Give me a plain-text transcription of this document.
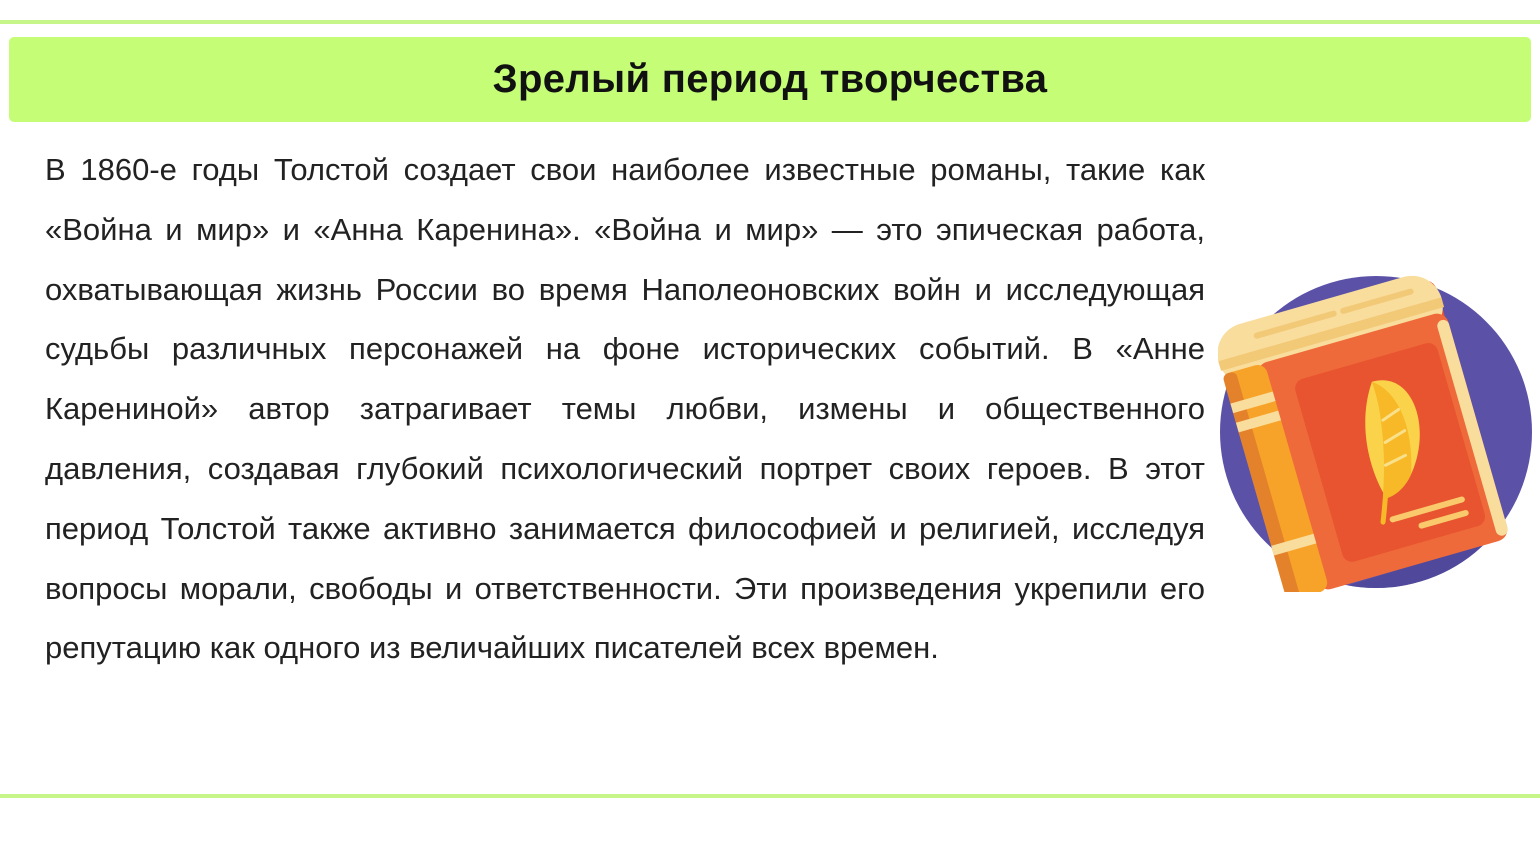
Зрелый период творчества

В 1860-е годы Толстой создает свои наиболее известные романы, такие как «Война и мир» и «Анна Каренина». «Война и мир» — это эпическая работа, охватывающая жизнь России во время Наполеоновских войн и исследующая судьбы различных персонажей на фоне исторических событий. В «Анне Карениной» автор затрагивает темы любви, измены и общественного давления, создавая глубокий психологический портрет своих героев. В этот период Толстой также активно занимается философией и религией, исследуя вопросы морали, свободы и ответственности. Эти произведения укрепили его репутацию как одного из величайших писателей всех времен.
